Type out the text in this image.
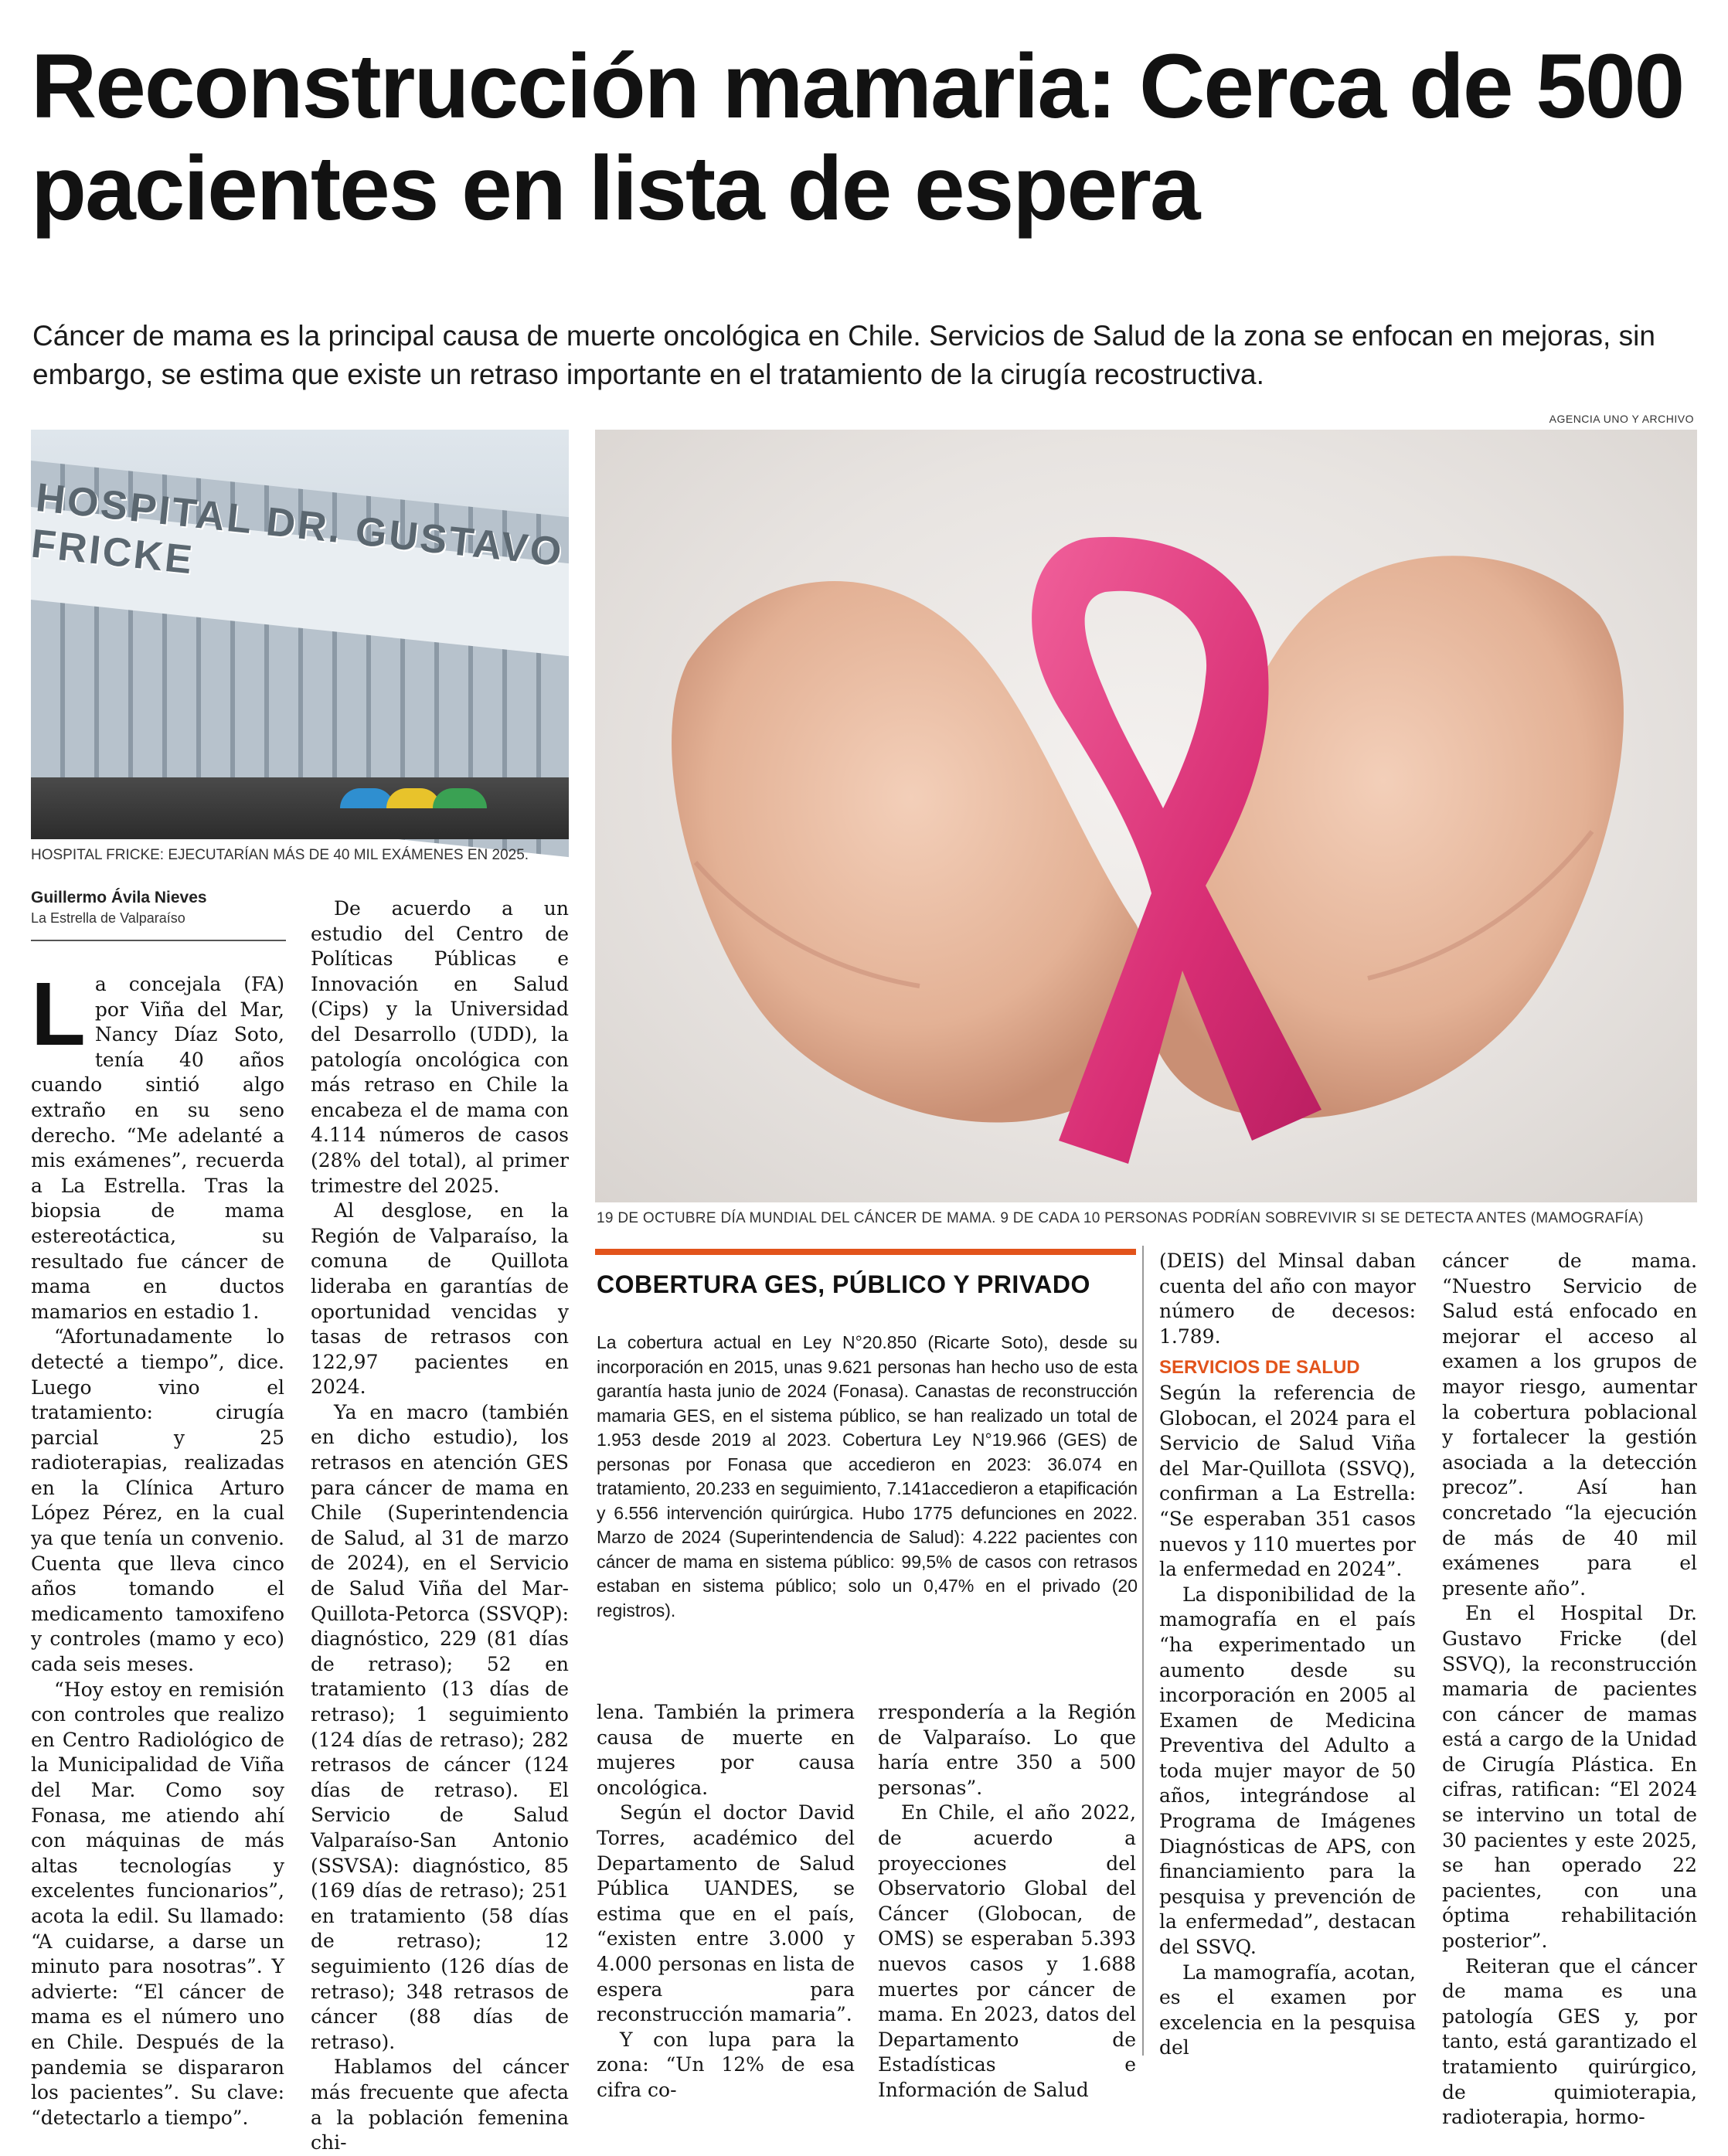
Reconstrucción mamaria: Cerca de 500 pacientes en lista de espera

Cáncer de mama es la principal causa de muerte oncológica en Chile. Servicios de Salud de la zona se enfocan en mejoras, sin embargo, se estima que existe un retraso importante en el tratamiento de la cirugía recostructiva.

AGENCIA UNO Y ARCHIVO
HOSPITAL DR. GUSTAVO FRICKE
HOSPITAL FRICKE: EJECUTARÍAN MÁS DE 40 MIL EXÁMENES EN 2025.
19 DE OCTUBRE DÍA MUNDIAL DEL CÁNCER DE MAMA. 9 DE CADA 10 PERSONAS PODRÍAN SOBREVIVIR SI SE DETECTA ANTES (MAMOGRAFÍA)
Guillermo Ávila Nieves
La Estrella de Valparaíso

La concejala (FA) por Viña del Mar, Nancy Díaz Soto, tenía 40 años cuando sintió algo extraño en su seno derecho. “Me adelanté a mis exámenes”, recuerda a La Estrella. Tras la biopsia de mama estereotáctica, su resultado fue cáncer de mama en ductos mamarios en estadio 1.

“Afortunadamente lo detecté a tiempo”, dice. Luego vino el tratamiento: cirugía parcial y 25 radioterapias, realizadas en la Clínica Arturo López Pérez, en la cual ya que tenía un convenio. Cuenta que lleva cinco años tomando el medicamento tamoxifeno y controles (mamo y eco) cada seis meses.

“Hoy estoy en remisión con controles que realizo en Centro Radiológico de la Municipalidad de Viña del Mar. Como soy Fonasa, me atiendo ahí con máquinas de más altas tecnologías y excelentes funcionarios”, acota la edil. Su llamado: “A cuidarse, a darse un minuto para nosotras”. Y advierte: “El cáncer de mama es el número uno en Chile. Después de la pandemia se dispararon los pacientes”. Su clave: “detectarlo a tiempo”.

De acuerdo a un estudio del Centro de Políticas Públicas e Innovación en Salud (Cips) y la Universidad del Desarrollo (UDD), la patología oncológica con más retraso en Chile la encabeza el de mama con 4.114 números de casos (28% del total), al primer trimestre del 2025.

Al desglose, en la Región de Valparaíso, la comuna de Quillota lideraba en garantías de oportunidad vencidas y tasas de retrasos con 122,97 pacientes en 2024.

Ya en macro (también en dicho estudio), los retrasos en atención GES para cáncer de mama en Chile (Superintendencia de Salud, al 31 de marzo de 2024), en el Servicio de Salud Viña del Mar-Quillota-Petorca (SSVQP): diagnóstico, 229 (81 días de retraso); 52 en tratamiento (13 días de retraso); 1 seguimiento (124 días de retraso); 282 retrasos de cáncer (124 días de retraso). El Servicio de Salud Valparaíso-San Antonio (SSVSA): diagnóstico, 85 (169 días de retraso); 251 en tratamiento (58 días de retraso); 12 seguimiento (126 días de retraso); 348 retrasos de cáncer (88 días de retraso).

Hablamos del cáncer más frecuente que afecta a la población femenina chi-

COBERTURA GES, PÚBLICO Y PRIVADO
La cobertura actual en Ley N°20.850 (Ricarte Soto), desde su incorporación en 2015, unas 9.621 personas han hecho uso de esta garantía hasta junio de 2024 (Fonasa). Canastas de reconstrucción mamaria GES, en el sistema público, se han realizado un total de 1.953 desde 2019 al 2023. Cobertura Ley N°19.966 (GES) de personas por Fonasa que accedieron en 2023: 36.074 en tratamiento, 20.233 en seguimiento, 7.141accedieron a etapificación y 6.556 intervención quirúrgica. Hubo 1775 defunciones en 2022. Marzo de 2024 (Superintendencia de Salud): 4.222 pacientes con cáncer de mama en sistema público: 99,5% de casos con retrasos estaban en sistema público; solo un 0,47% en el privado (20 registros).

lena. También la primera causa de muerte en mujeres por causa oncológica.

Según el doctor David Torres, académico del Departamento de Salud Pública UANDES, se estima que en el país, “existen entre 3.000 y 4.000 personas en lista de espera para reconstrucción mamaria”.

Y con lupa para la zona: “Un 12% de esa cifra co-

rrespondería a la Región de Valparaíso. Lo que haría entre 350 a 500 personas”.

En Chile, el año 2022, de acuerdo a proyecciones del Observatorio Global del Cáncer (Globocan, de OMS) se esperaban 5.393 nuevos casos y 1.688 muertes por cáncer de mama. En 2023, datos del Departamento de Estadísticas e Información de Salud

(DEIS) del Minsal daban cuenta del año con mayor número de decesos: 1.789.

SERVICIOS DE SALUD

Según la referencia de Globocan, el 2024 para el Servicio de Salud Viña del Mar-Quillota (SSVQ), confirman a La Estrella: “Se esperaban 351 casos nuevos y 110 muertes por la enfermedad en 2024”.

La disponibilidad de la mamografía en el país “ha experimentado un aumento desde su incorporación en 2005 al Examen de Medicina Preventiva del Adulto a toda mujer mayor de 50 años, integrándose al Programa de Imágenes Diagnósticas de APS, con financiamiento para la pesquisa y prevención de la enfermedad”, destacan del SSVQ.

La mamografía, acotan, es el examen por excelencia en la pesquisa del

cáncer de mama. “Nuestro Servicio de Salud está enfocado en mejorar el acceso al examen a los grupos de mayor riesgo, aumentar la cobertura poblacional y fortalecer la gestión asociada a la detección precoz”. Así han concretado “la ejecución de más de 40 mil exámenes para el presente año”.

En el Hospital Dr. Gustavo Fricke (del SSVQ), la reconstrucción mamaria de pacientes con cáncer de mamas está a cargo de la Unidad de Cirugía Plástica. En cifras, ratifican: “El 2024 se intervino un total de 30 pacientes y este 2025, se han operado 22 pacientes, con una óptima rehabilitación posterior”.

Reiteran que el cáncer de mama es una patología GES y, por tanto, está garantizado el tratamiento quirúrgico, de quimioterapia, radioterapia, hormo-
